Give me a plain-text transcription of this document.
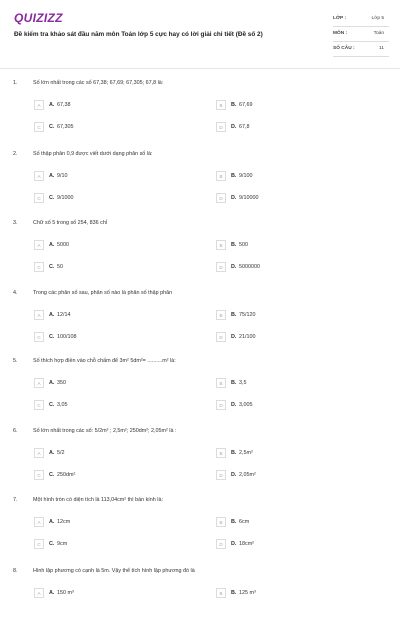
QUIZIZZ
Đề kiểm tra khảo sát đầu năm môn Toán lớp 5 cực hay có lời giải chi tiết (Đề số 2)
LỚP :	Lớp 5
MÔN :	Toán
SỐ CÂU :	11
1.	Số lớn nhất trong các số 67,38; 67,69; 67,305; 67,8 là:
A	A. 67,38	B	B. 67,69
C	C. 67,305	D	D. 67,8
2.	Số thập phân 0,9 được viết dưới dạng phân số là:
A	A. 9/10	B	B. 9/100
C	C. 9/1000	D	D. 9/10000
3.	Chữ số 5 trong số 254, 836 chỉ
A	A. 5000	B	B. 500
C	C. 50	D	D. 5000000
4.	Trong các phân số sau, phân số nào là phân số thập phân
A	A. 12/14	B	B. 75/120
C	C. 100/108	D	D. 21/100
5.	Số thích hợp điền vào chỗ chấm để 3m² 5dm²= ..........m² là:
A	A. 350	B	B. 3,5
C	C. 3,05	D	D. 3,005
6.	Số lớn nhất trong các số: 5/2m² ; 2,5m²; 250dm²; 2,05m² là :
A	A. 5/2	B	B. 2,5m²
C	C. 250dm²	D	D. 2,05m²
7.	Một hình tròn có diện tích là 113,04cm² thì bán kính là:
A	A. 12cm	B	B. 6cm
C	C. 9cm	D	D. 18cm²
8.	Hình lập phương có cạnh là 5m. Vậy thể tích hình lập phương đó là
A	A. 150 m³	B	B. 125 m³
